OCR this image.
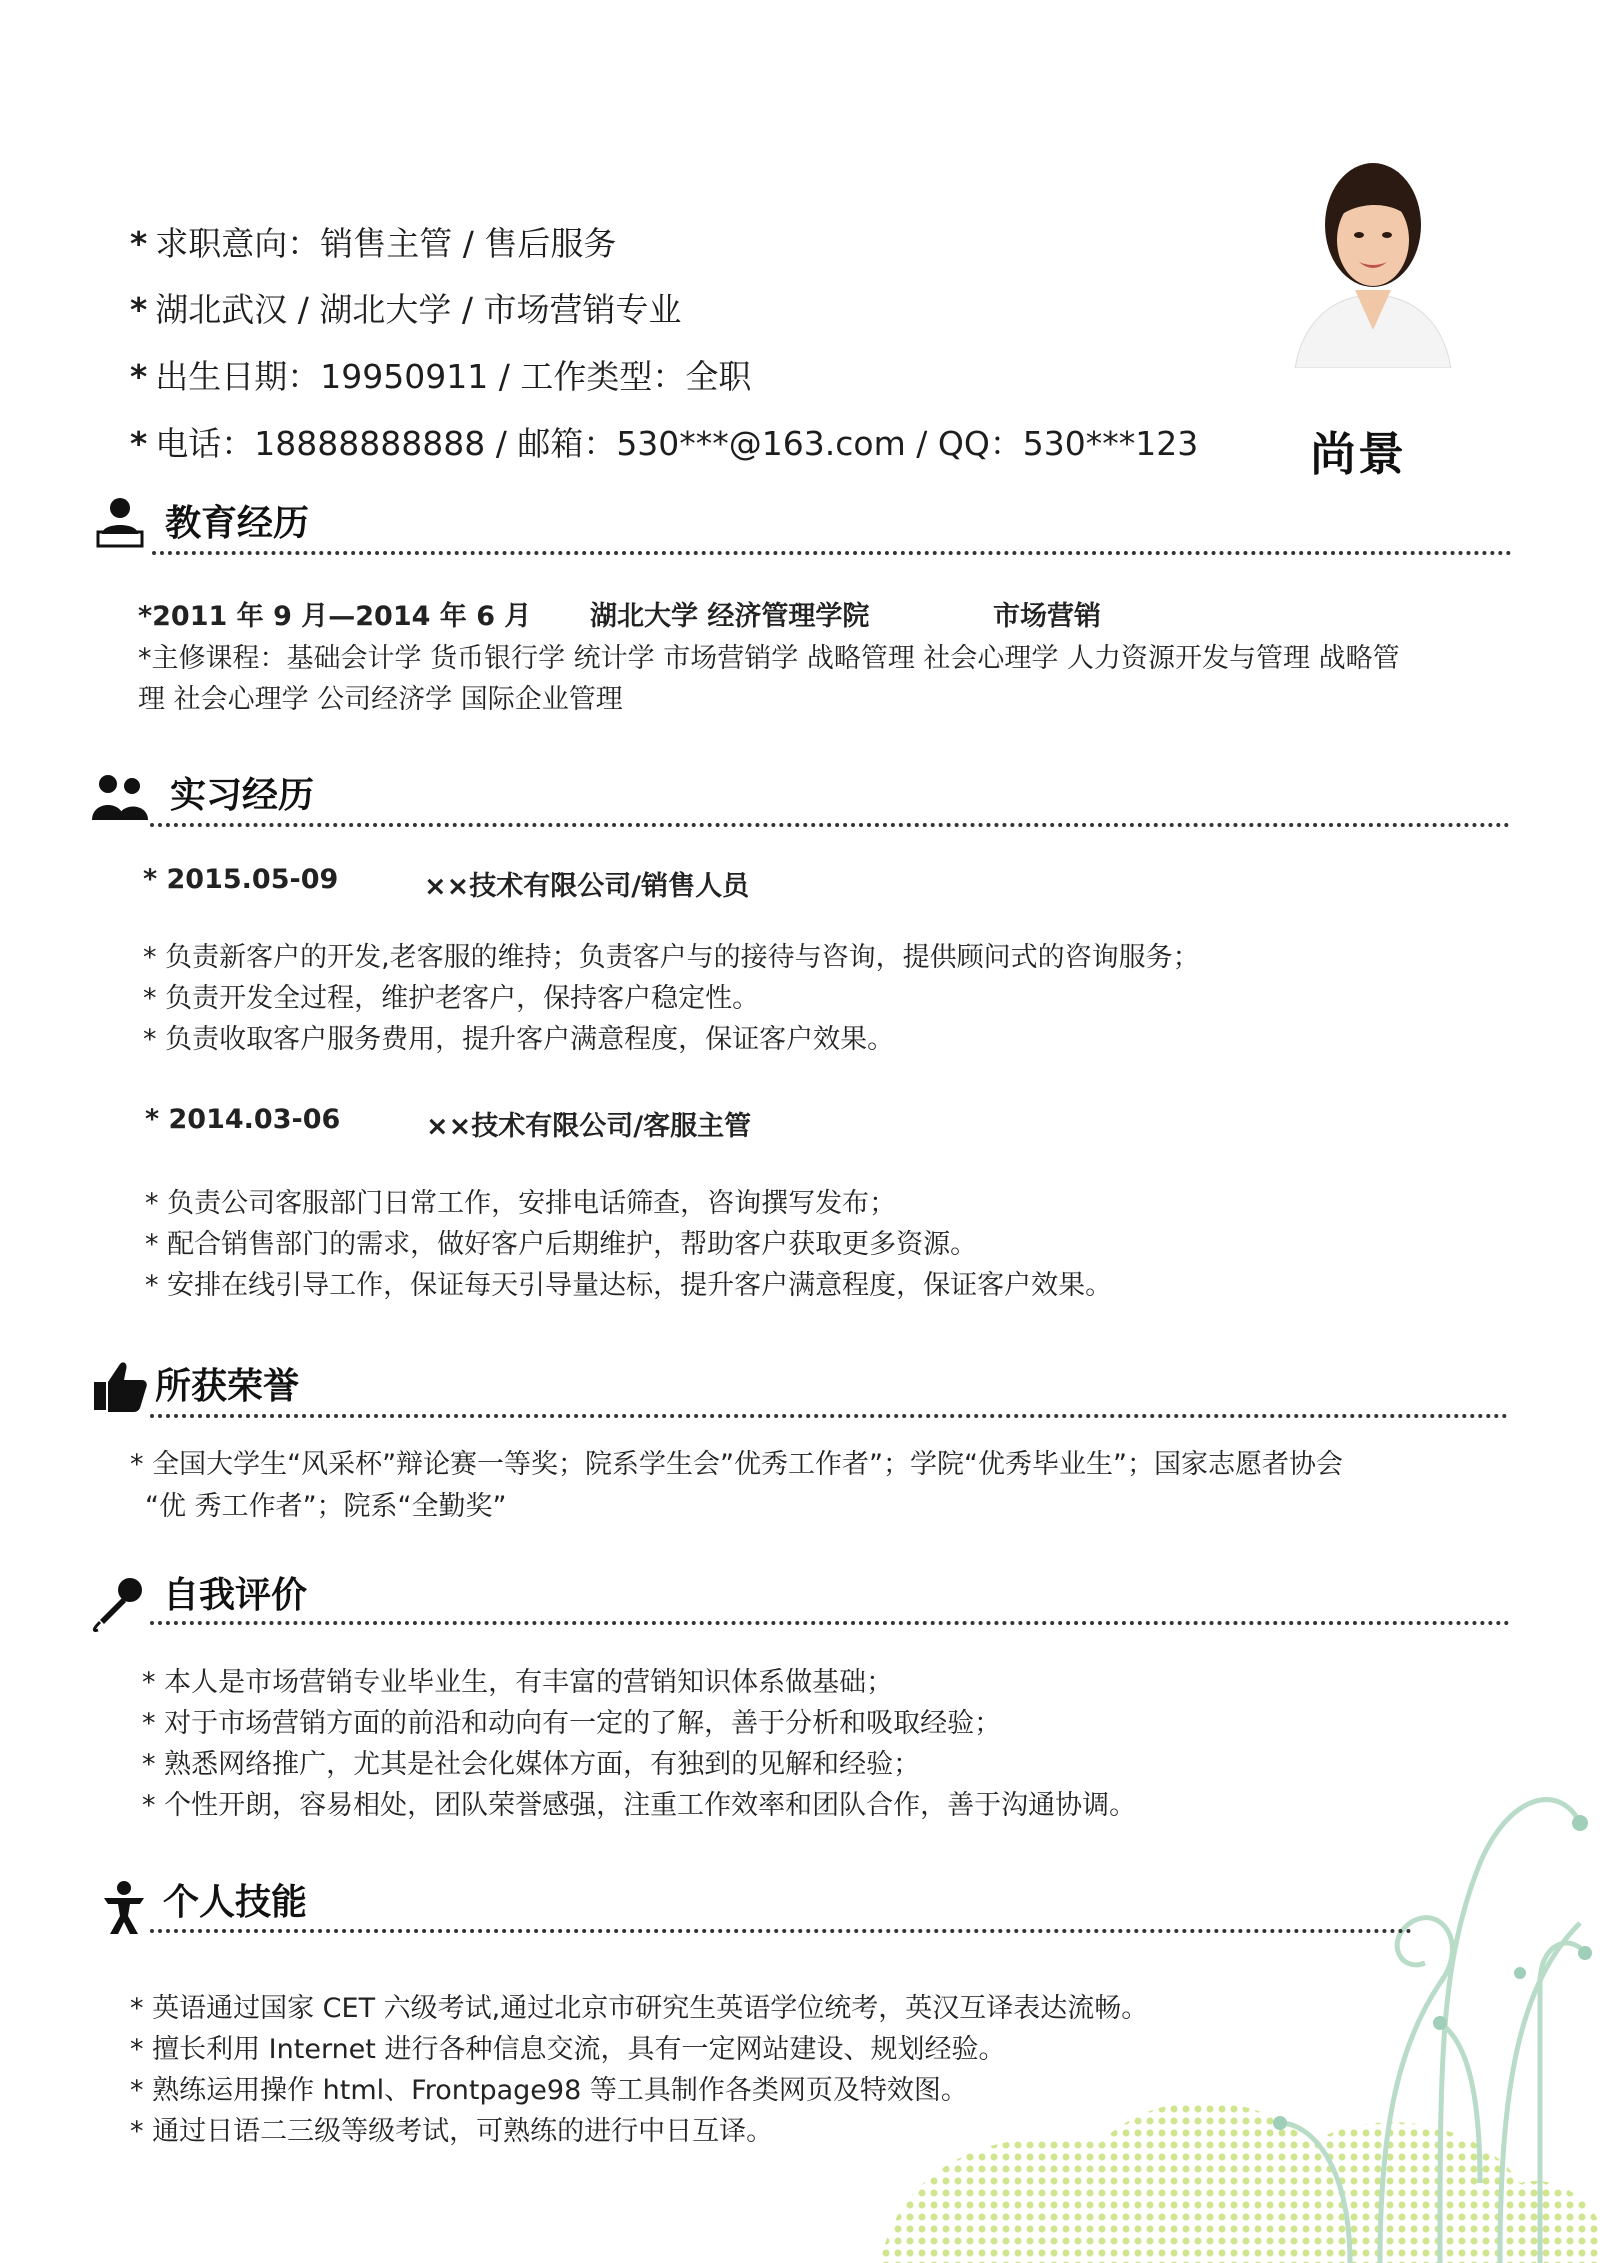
* 求职意向：销售主管 / 售后服务
* 湖北武汉 / 湖北大学 / 市场营销专业
* 出生日期：19950911 / 工作类型：全职
* 电话：18888888888 / 邮箱：530***@163.com / QQ：530***123 尚景
教育经历
*2011 年 9 月—2014 年 6 月 湖北大学 经济管理学院	市场营销
*主修课程：基础会计学 货币银行学 统计学 市场营销学 战略管理 社会心理学 人力资源开发与管理 战略管
理 社会心理学 公司经济学 国际企业管理
实习经历
* 2015.05-09	××技术有限公司/销售人员
* 负责新客户的开发,老客服的维持；负责客户与的接待与咨询，提供顾问式的咨询服务；
* 负责开发全过程，维护老客户，保持客户稳定性。
* 负责收取客户服务费用，提升客户满意程度，保证客户效果。
* 2014.03-06	××技术有限公司/客服主管
* 负责公司客服部门日常工作，安排电话筛查，咨询撰写发布；
* 配合销售部门的需求，做好客户后期维护，帮助客户获取更多资源。
* 安排在线引导工作，保证每天引导量达标，提升客户满意程度，保证客户效果。
所获荣誉
* 全国大学生“风采杯”辩论赛一等奖；院系学生会”优秀工作者”；学院“优秀毕业生”；国家志愿者协会
“优 秀工作者”；院系“全勤奖”
自我评价
* 本人是市场营销专业毕业生，有丰富的营销知识体系做基础；
* 对于市场营销方面的前沿和动向有一定的了解，善于分析和吸取经验；
* 熟悉网络推广，尤其是社会化媒体方面，有独到的见解和经验；
* 个性开朗，容易相处，团队荣誉感强，注重工作效率和团队合作，善于沟通协调。
个人技能
* 英语通过国家 CET 六级考试,通过北京市研究生英语学位统考，英汉互译表达流畅。
* 擅长利用 Internet 进行各种信息交流，具有一定网站建设、规划经验。
* 熟练运用操作 html、Frontpage98 等工具制作各类网页及特效图。
* 通过日语二三级等级考试，可熟练的进行中日互译。
